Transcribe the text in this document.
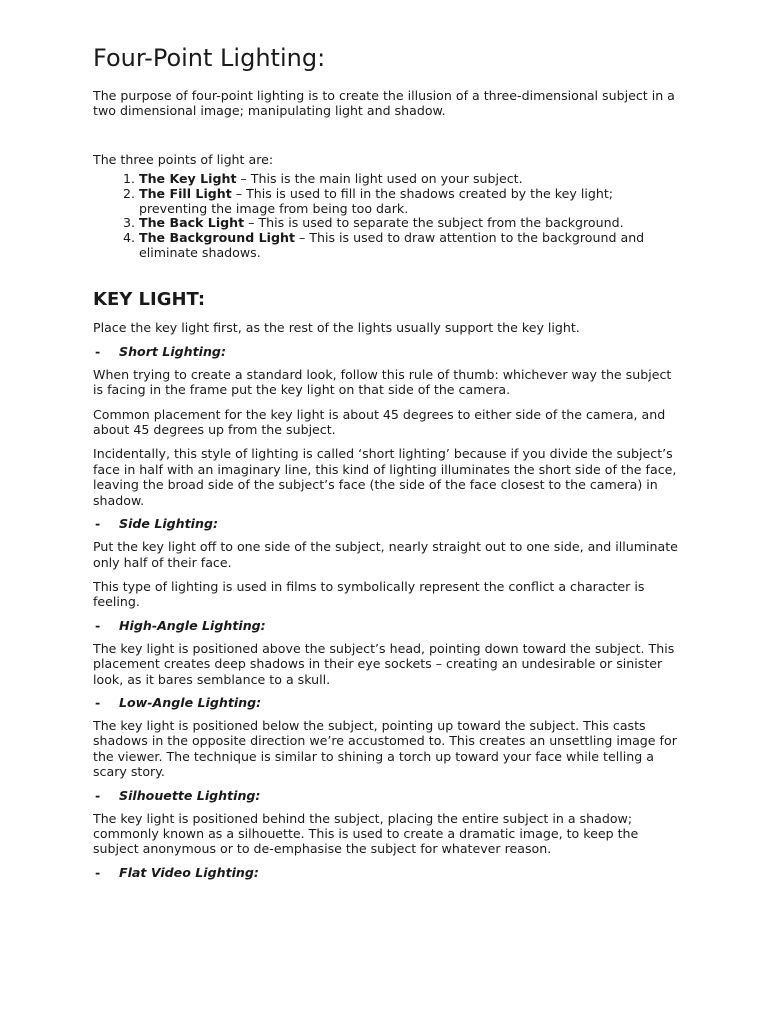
Four-Point Lighting:

The purpose of four-point lighting is to create the illusion of a three-dimensional subject in a two dimensional image; manipulating light and shadow.

The three points of light are:

1. The Key Light – This is the main light used on your subject.
2. The Fill Light – This is used to fill in the shadows created by the key light; preventing the image from being too dark.
3. The Back Light – This is used to separate the subject from the background.
4. The Background Light – This is used to draw attention to the background and eliminate shadows.
KEY LIGHT:

Place the key light first, as the rest of the lights usually support the key light.

- Short Lighting:

When trying to create a standard look, follow this rule of thumb: whichever way the subject is facing in the frame put the key light on that side of the camera.

Common placement for the key light is about 45 degrees to either side of the camera, and about 45 degrees up from the subject.

Incidentally, this style of lighting is called ‘short lighting’ because if you divide the subject’s face in half with an imaginary line, this kind of lighting illuminates the short side of the face, leaving the broad side of the subject’s face (the side of the face closest to the camera) in shadow.

- Side Lighting:

Put the key light off to one side of the subject, nearly straight out to one side, and illuminate only half of their face.

This type of lighting is used in films to symbolically represent the conflict a character is feeling.

- High-Angle Lighting:

The key light is positioned above the subject’s head, pointing down toward the subject. This placement creates deep shadows in their eye sockets – creating an undesirable or sinister look, as it bares semblance to a skull.

- Low-Angle Lighting:

The key light is positioned below the subject, pointing up toward the subject. This casts shadows in the opposite direction we’re accustomed to. This creates an unsettling image for the viewer. The technique is similar to shining a torch up toward your face while telling a scary story.

- Silhouette Lighting:

The key light is positioned behind the subject, placing the entire subject in a shadow; commonly known as a silhouette. This is used to create a dramatic image, to keep the subject anonymous or to de-emphasise the subject for whatever reason.

- Flat Video Lighting:
